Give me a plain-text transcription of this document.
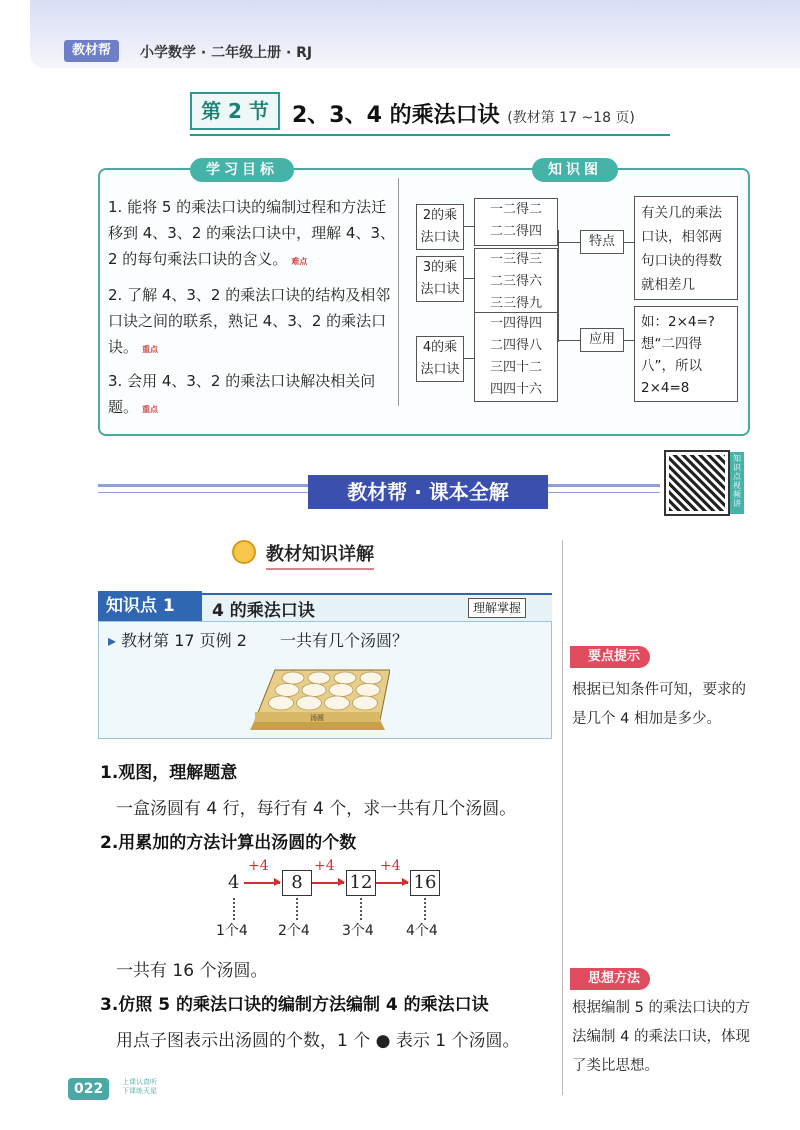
教材帮	小学数学 · 二年级上册 · RJ
第 2 节	2、3、4 的乘法口诀 (教材第 17 ~18 页)
学习目标	知识图
1. 能将 5 的乘法口诀的编制过程和方法迁移到 4、3、2 的乘法口诀中，理解 4、3、2 的每句乘法口诀的含义。 难点
2. 了解 4、3、2 的乘法口诀的结构及相邻口诀之间的联系，熟记 4、3、2 的乘法口诀。 重点
3. 会用 4、3、2 的乘法口诀解决相关问题。 重点
2的乘法口诀
3的乘法口诀
4的乘法口诀
一二得二
二二得四
一三得三
二三得六
三三得九
一四得四
二四得八
三四十二
四四十六
特点
应用
有关几的乘法口诀，相邻两句口诀的得数就相差几
如：2×4=? 想“二四得八”，所以 2×4=8
教材帮 · 课本全解
知识点视频讲
教材知识详解
知识点 1	4 的乘法口诀	理解掌握
▸ 教材第 17 页例 2 一共有几个汤圆？
汤圆
1.观图，理解题意
一盒汤圆有 4 行，每行有 4 个，求一共有几个汤圆。
2.用累加的方法计算出汤圆的个数
4
+4
8
+4
12
+4
16
1个4 2个4 3个4 4个4
一共有 16 个汤圆。
3.仿照 5 的乘法口诀的编制方法编制 4 的乘法口诀
用点子图表示出汤圆的个数，1 个 ● 表示 1 个汤圆。
要点提示
根据已知条件可知，要求的是几个 4 相加是多少。
思想方法
根据编制 5 的乘法口诀的方法编制 4 的乘法口诀，体现了类比思想。
022	上课认真听
下课练天星
